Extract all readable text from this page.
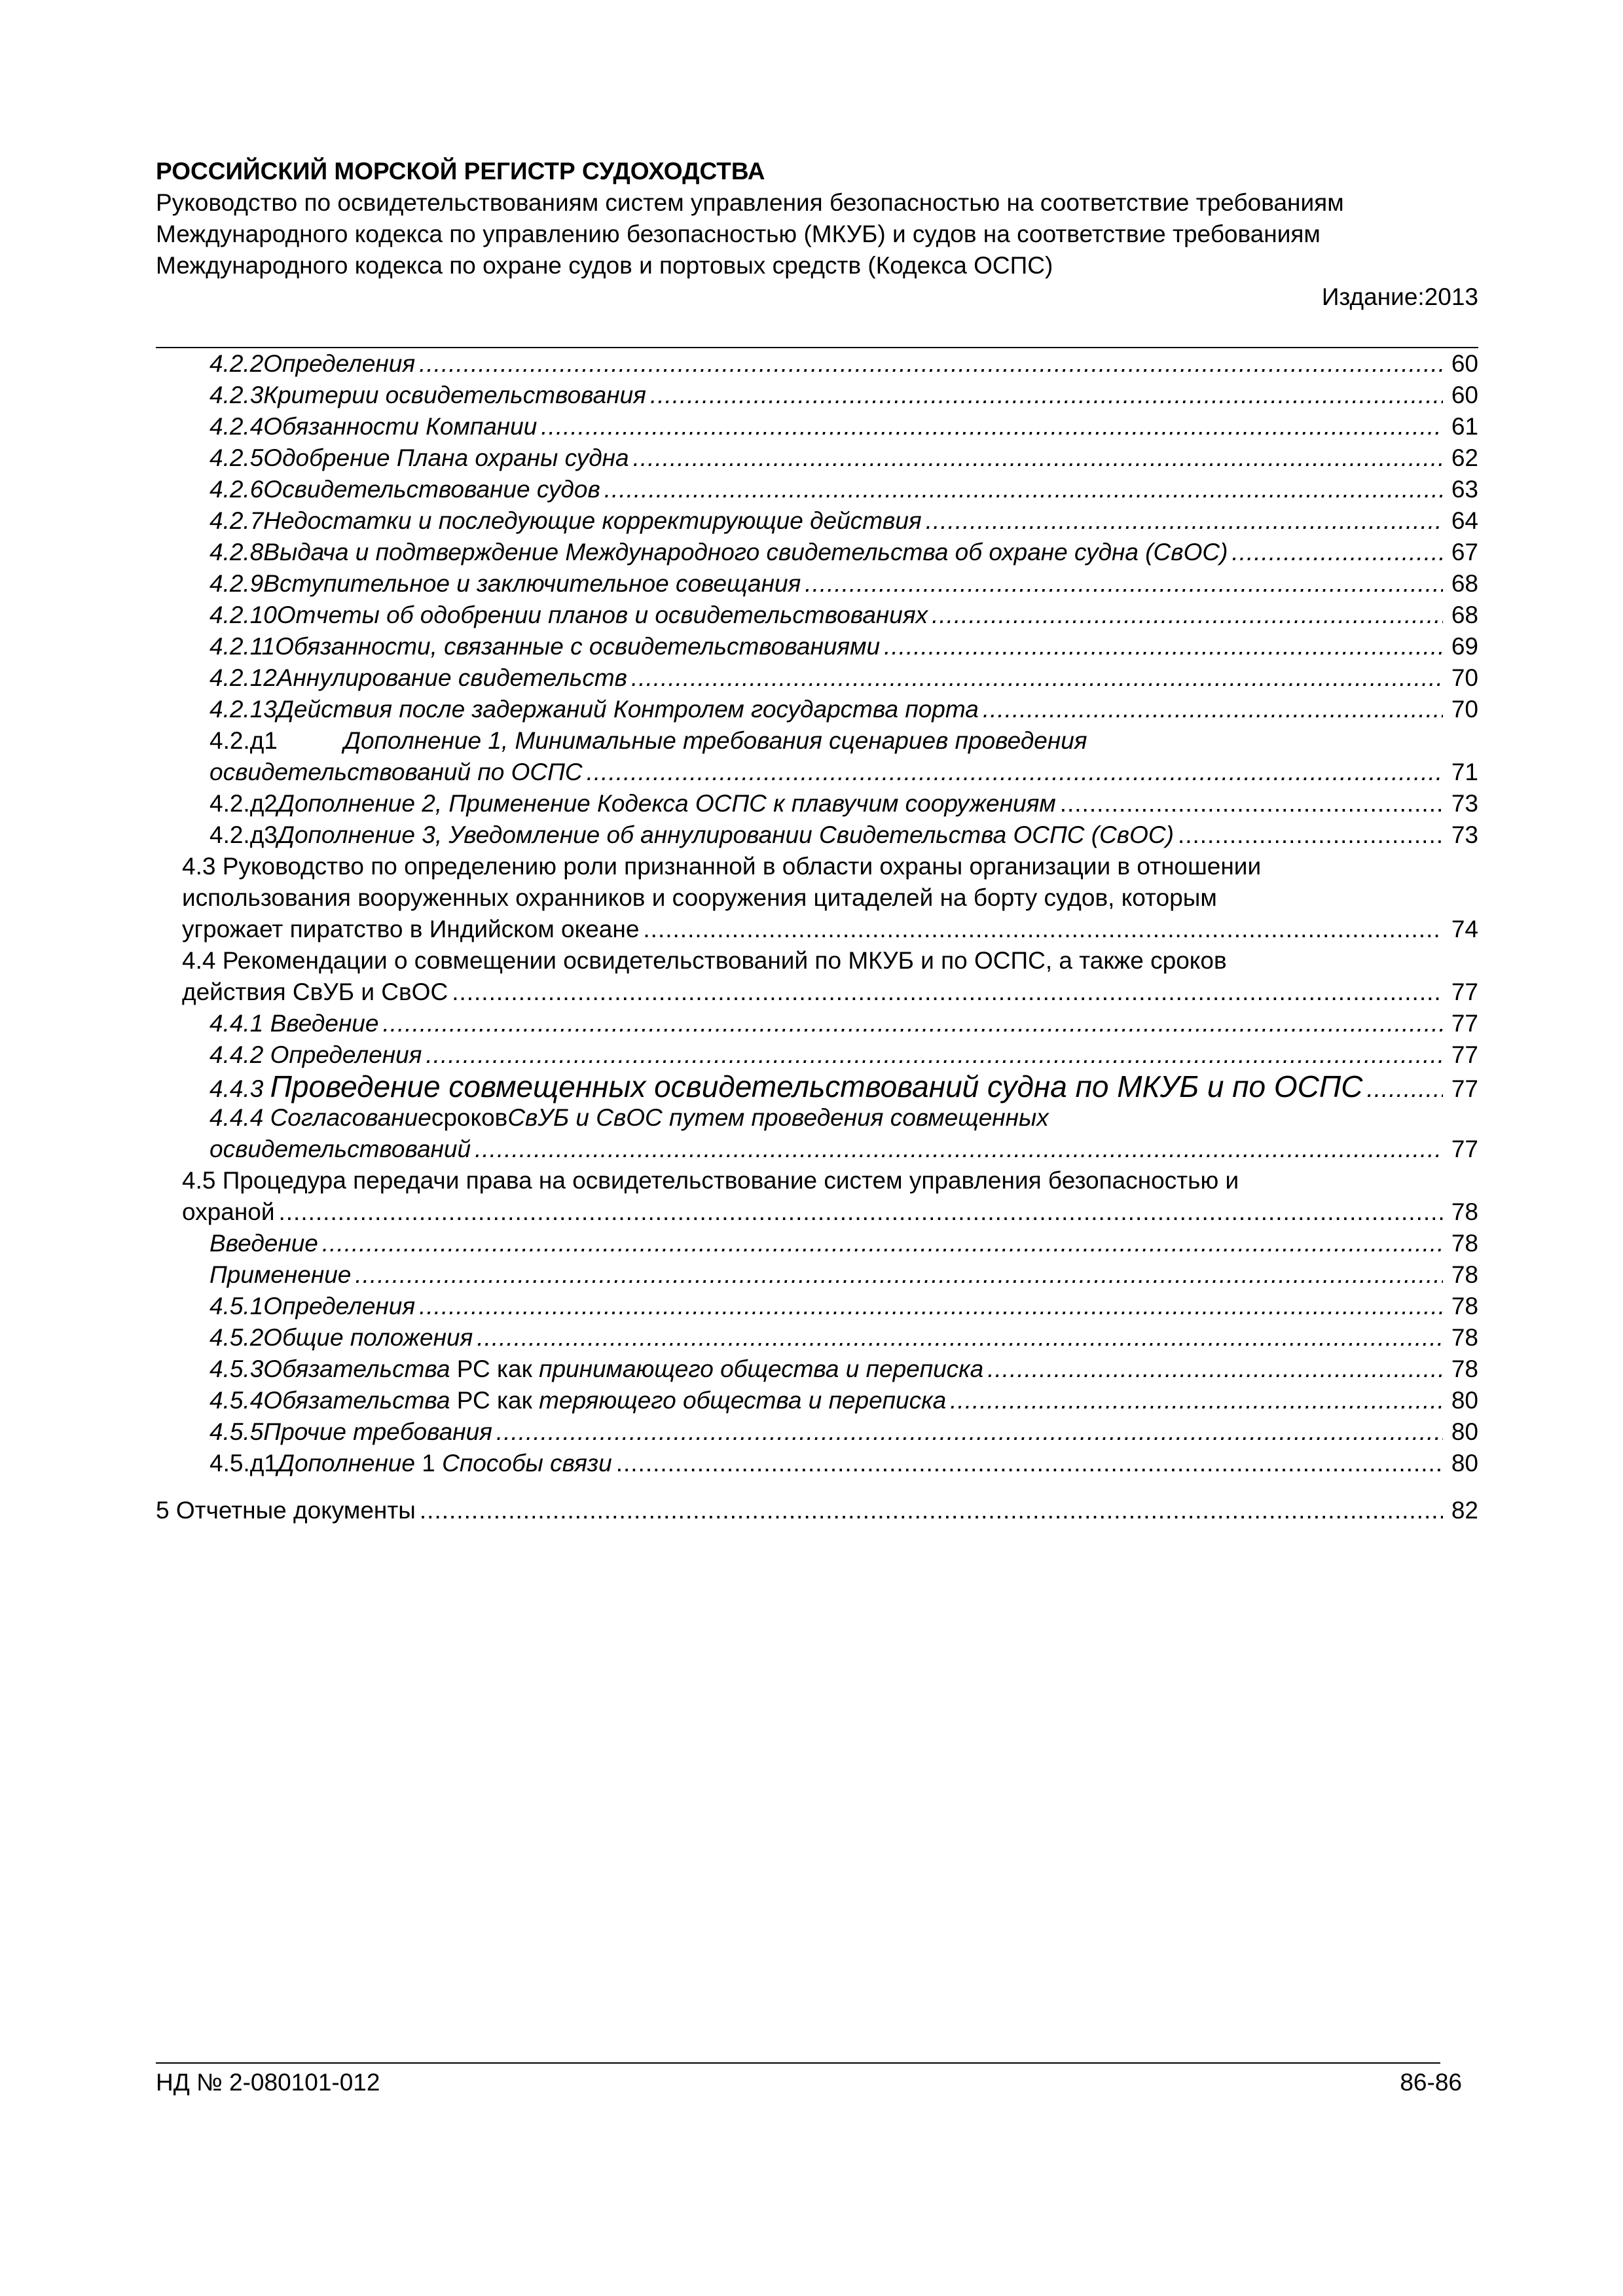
РОССИЙСКИЙ МОРСКОЙ РЕГИСТР СУДОХОДСТВА
Руководство по освидетельствованиям систем управления безопасностью на соответствие требованиям Международного кодекса по управлению безопасностью (МКУБ) и судов на соответствие требованиям Международного кодекса по охране судов и портовых средств (Кодекса ОСПС)
Издание:2013
4.2.2 Определения .....	60
4.2.3 Критерии освидетельствования .....	60
4.2.4 Обязанности Компании .....	61
4.2.5 Одобрение Плана охраны судна .....	62
4.2.6 Освидетельствование судов .....	63
4.2.7 Недостатки и последующие корректирующие действия .....	64
4.2.8 Выдача и подтверждение Международного свидетельства об охране судна (СвОС) .....	67
4.2.9 Вступительное и заключительное совещания .....	68
4.2.10 Отчеты об одобрении планов и освидетельствованиях .....	68
4.2.11 Обязанности, связанные с освидетельствованиями .....	69
4.2.12 Аннулирование свидетельств .....	70
4.2.13 Действия после задержаний Контролем государства порта .....	70
4.2.д1	Дополнение 1, Минимальные требования сценариев проведения
освидетельствований по ОСПС .....	71
4.2.д2 Дополнение 2, Применение Кодекса ОСПС к плавучим сооружениям .....	73
4.2.д3 Дополнение 3, Уведомление об аннулировании Свидетельства ОСПС (СвОС) .....	73
4.3 Руководство по определению роли признанной в области охраны организации в отношении
использования вооруженных охранников и сооружения цитаделей на борту судов, которым
угрожает пиратство в Индийском океане .....	74
4.4 Рекомендации о совмещении освидетельствований по МКУБ и по ОСПС, а также сроков
действия СвУБ и СвОС .....	77
4.4.1
Введение .....	77
4.4.2
Определения .....	77
4.4.3
Проведение совмещенных освидетельствований судна по МКУБ и по ОСПС .....	77
4.4.4
Согласование сроков СвУБ и СвОС путем проведения совмещенных
освидетельствований .....	77
4.5 Процедура передачи права на освидетельствование систем управления безопасностью и
охраной .....	78
Введение .....	78
Применение .....	78
4.5.1 Определения .....	78
4.5.2 Общие положения .....	78
4.5.3 Обязательства
РС как
принимающего общества и переписка .....	78
4.5.4 Обязательства
РС как
теряющего общества и переписка .....	80
4.5.5 Прочие требования .....	80
4.5.д1 Дополнение
1
Способы связи .....	80
5 Отчетные документы .....	82
НД № 2-080101-012	86-86
